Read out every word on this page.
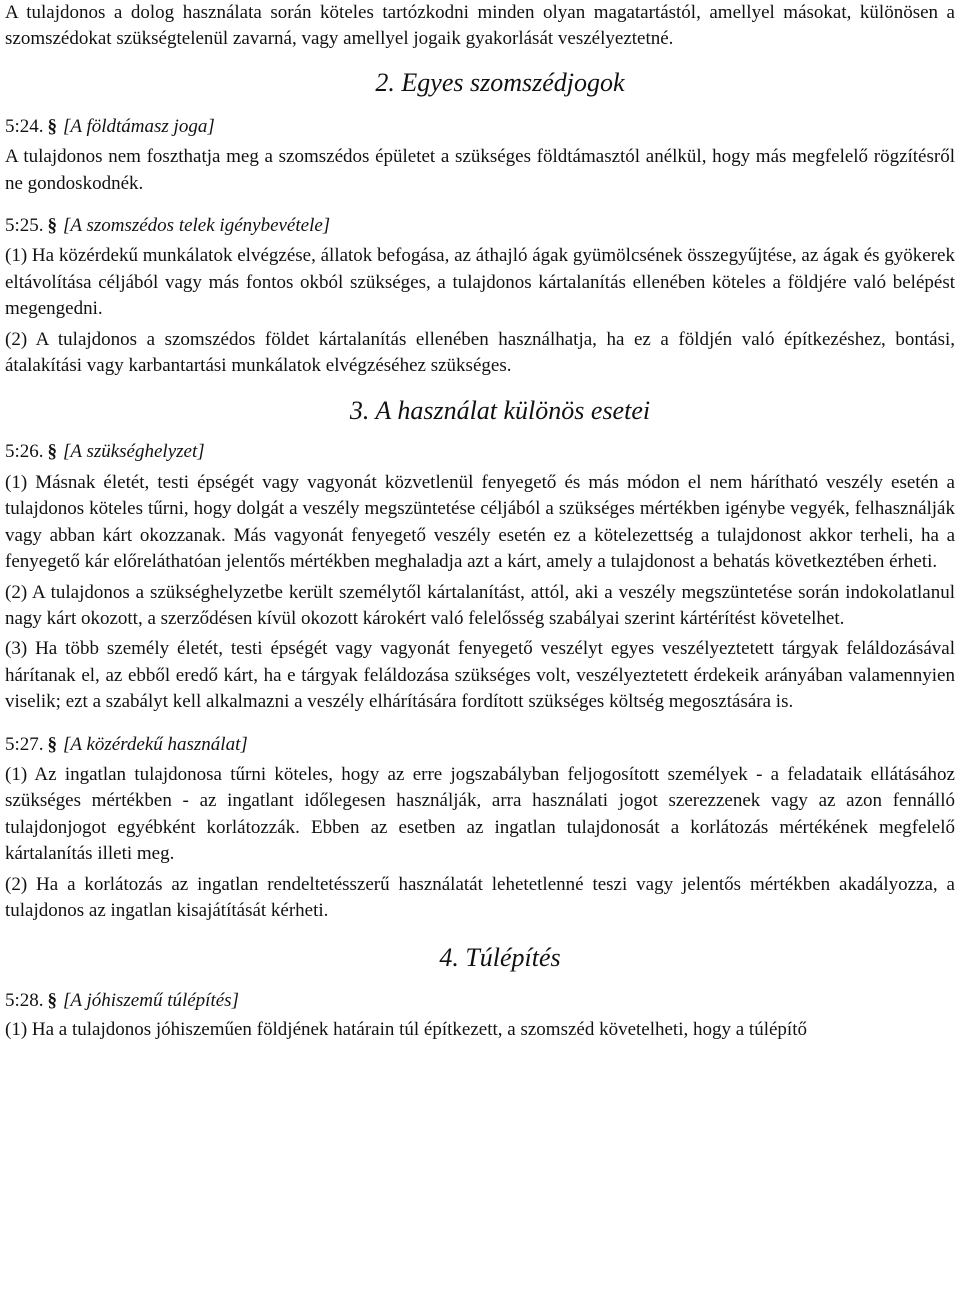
A tulajdonos a dolog használata során köteles tartózkodni minden olyan magatartástól, amellyel másokat, különösen a szomszédokat szükségtelenül zavarná, vagy amellyel jogaik gyakorlását veszélyeztetné.

2. Egyes szomszédjogok

5:24. § [A földtámasz joga]

A tulajdonos nem foszthatja meg a szomszédos épületet a szükséges földtámasztól anélkül, hogy más megfelelő rögzítésről ne gondoskodnék.

5:25. § [A szomszédos telek igénybevétele]

(1) Ha közérdekű munkálatok elvégzése, állatok befogása, az áthajló ágak gyümölcsének összegyűjtése, az ágak és gyökerek eltávolítása céljából vagy más fontos okból szükséges, a tulajdonos kártalanítás ellenében köteles a földjére való belépést megengedni.

(2) A tulajdonos a szomszédos földet kártalanítás ellenében használhatja, ha ez a földjén való építkezéshez, bontási, átalakítási vagy karbantartási munkálatok elvégzéséhez szükséges.

3. A használat különös esetei

5:26. § [A szükséghelyzet]

(1) Másnak életét, testi épségét vagy vagyonát közvetlenül fenyegető és más módon el nem hárítható veszély esetén a tulajdonos köteles tűrni, hogy dolgát a veszély megszüntetése céljából a szükséges mértékben igénybe vegyék, felhasználják vagy abban kárt okozzanak. Más vagyonát fenyegető veszély esetén ez a kötelezettség a tulajdonost akkor terheli, ha a fenyegető kár előreláthatóan jelentős mértékben meghaladja azt a kárt, amely a tulajdonost a behatás következtében érheti.

(2) A tulajdonos a szükséghelyzetbe került személytől kártalanítást, attól, aki a veszély megszüntetése során indokolatlanul nagy kárt okozott, a szerződésen kívül okozott károkért való felelősség szabályai szerint kártérítést követelhet.

(3) Ha több személy életét, testi épségét vagy vagyonát fenyegető veszélyt egyes veszélyeztetett tárgyak feláldozásával hárítanak el, az ebből eredő kárt, ha e tárgyak feláldozása szükséges volt, veszélyeztetett érdekeik arányában valamennyien viselik; ezt a szabályt kell alkalmazni a veszély elhárítására fordított szükséges költség megosztására is.

5:27. § [A közérdekű használat]

(1) Az ingatlan tulajdonosa tűrni köteles, hogy az erre jogszabályban feljogosított személyek - a feladataik ellátásához szükséges mértékben - az ingatlant időlegesen használják, arra használati jogot szerezzenek vagy az azon fennálló tulajdonjogot egyébként korlátozzák. Ebben az esetben az ingatlan tulajdonosát a korlátozás mértékének megfelelő kártalanítás illeti meg.

(2) Ha a korlátozás az ingatlan rendeltetésszerű használatát lehetetlenné teszi vagy jelentős mértékben akadályozza, a tulajdonos az ingatlan kisajátítását kérheti.

4. Túlépítés

5:28. § [A jóhiszemű túlépítés]

(1) Ha a tulajdonos jóhiszeműen földjének határain túl építkezett, a szomszéd követelheti, hogy a túlépítő
